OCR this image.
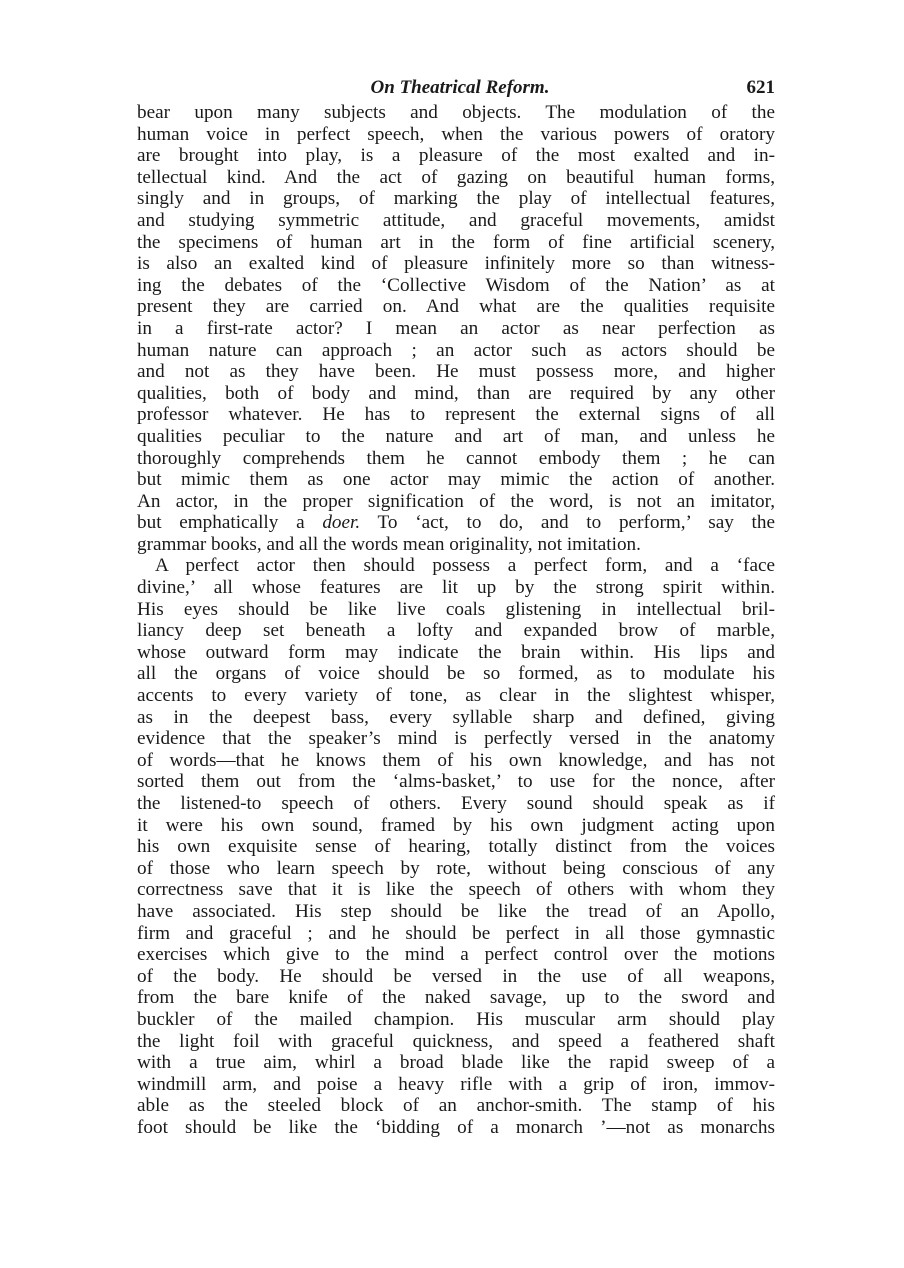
On Theatrical Reform.	621
bear upon many subjects and objects. The modulation of the
human voice in perfect speech, when the various powers of oratory
are brought into play, is a pleasure of the most exalted and in-
tellectual kind. And the act of gazing on beautiful human forms,
singly and in groups, of marking the play of intellectual features,
and studying symmetric attitude, and graceful movements, amidst
the specimens of human art in the form of fine artificial scenery,
is also an exalted kind of pleasure infinitely more so than witness-
ing the debates of the ‘Collective Wisdom of the Nation’ as at
present they are carried on. And what are the qualities requisite
in a first-rate actor? I mean an actor as near perfection as
human nature can approach ; an actor such as actors should be
and not as they have been. He must possess more, and higher
qualities, both of body and mind, than are required by any other
professor whatever. He has to represent the external signs of all
qualities peculiar to the nature and art of man, and unless he
thoroughly comprehends them he cannot embody them ; he can
but mimic them as one actor may mimic the action of another.
An actor, in the proper signification of the word, is not an imitator,
but emphatically a doer. To ‘act, to do, and to perform,’ say the
grammar books, and all the words mean originality, not imitation.
A perfect actor then should possess a perfect form, and a ‘face
divine,’ all whose features are lit up by the strong spirit within.
His eyes should be like live coals glistening in intellectual bril-
liancy deep set beneath a lofty and expanded brow of marble,
whose outward form may indicate the brain within. His lips and
all the organs of voice should be so formed, as to modulate his
accents to every variety of tone, as clear in the slightest whisper,
as in the deepest bass, every syllable sharp and defined, giving
evidence that the speaker’s mind is perfectly versed in the anatomy
of words—that he knows them of his own knowledge, and has not
sorted them out from the ‘alms-basket,’ to use for the nonce, after
the listened-to speech of others. Every sound should speak as if
it were his own sound, framed by his own judgment acting upon
his own exquisite sense of hearing, totally distinct from the voices
of those who learn speech by rote, without being conscious of any
correctness save that it is like the speech of others with whom they
have associated. His step should be like the tread of an Apollo,
firm and graceful ; and he should be perfect in all those gymnastic
exercises which give to the mind a perfect control over the motions
of the body. He should be versed in the use of all weapons,
from the bare knife of the naked savage, up to the sword and
buckler of the mailed champion. His muscular arm should play
the light foil with graceful quickness, and speed a feathered shaft
with a true aim, whirl a broad blade like the rapid sweep of a
windmill arm, and poise a heavy rifle with a grip of iron, immov-
able as the steeled block of an anchor-smith. The stamp of his
foot should be like the ‘bidding of a monarch ’—not as monarchs
